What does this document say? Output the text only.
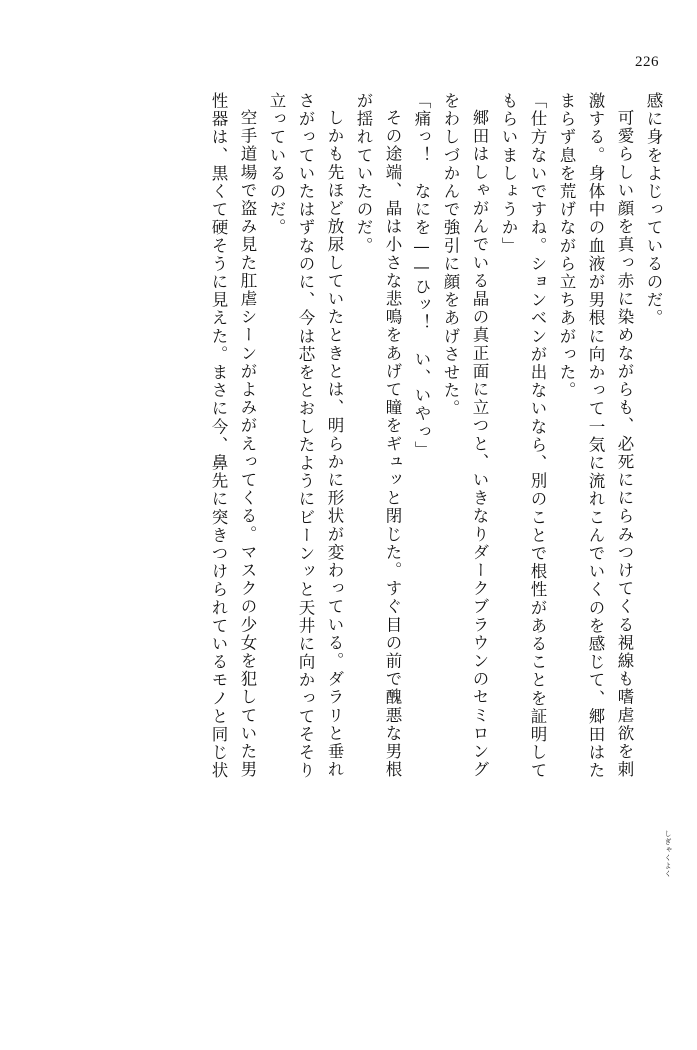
226
感に身をよじっているのだ。
可愛らしい顔を真っ赤に染めながらも、必死ににらみつけてくる視線も嗜虐欲を刺
激する。身体中の血液が男根に向かって一気に流れこんでいくのを感じて、郷田はた
まらず息を荒げながら立ちあがった。
「仕方ないですね。ションベンが出ないなら、別のことで根性があることを証明して
もらいましょうか」
郷田はしゃがんでいる晶の真正面に立つと、いきなりダークブラウンのセミロング
をわしづかんで強引に顔をあげさせた。
「痛っ！　なにを——ひッ！　い、いやっ」
その途端、晶は小さな悲鳴をあげて瞳をギュッと閉じた。すぐ目の前で醜悪な男根
が揺れていたのだ。
しかも先ほど放尿していたときとは、明らかに形状が変わっている。ダラリと垂れ
さがっていたはずなのに、今は芯をとおしたようにビーンッと天井に向かってそそり
立っているのだ。
空手道場で盗み見た肛虐シーンがよみがえってくる。マスクの少女を犯していた男
性器は、黒くて硬そうに見えた。まさに今、鼻先に突きつけられているモノと同じ状
しぎゃくよく
